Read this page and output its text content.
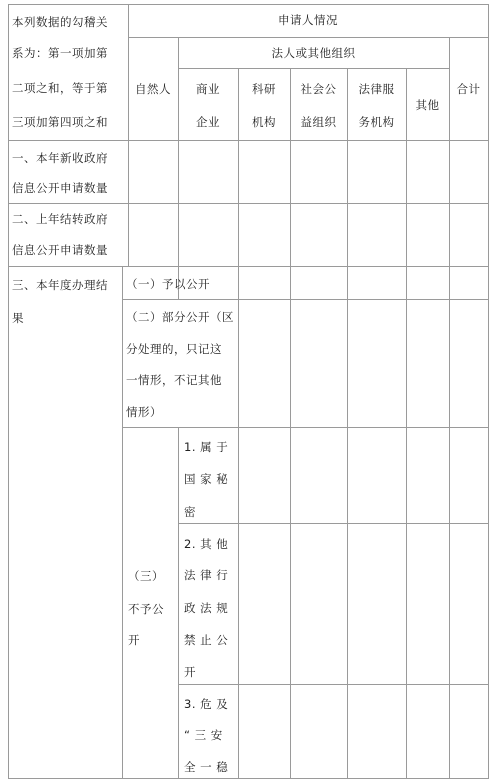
本列数据的勾稽关
系为：第一项加第
二项之和，等于第
三项加第四项之和
申请人情况
法人或其他组织
自然人	合计
商业
企业
科研
机构
社会公
益组织
法律服
务机构
其他
一、本年新收政府
信息公开申请数量
二、上年结转政府
信息公开申请数量
三、本年度办理结
果
（一）予以公开
（二）部分公开（区
分处理的，只记这
一情形，不记其他
情形）
（三）
不予公
开
1. 属 于
国 家 秘
密
2. 其 他
法 律 行
政 法 规
禁 止 公
开
3. 危 及
“ 三 安
全 一 稳
